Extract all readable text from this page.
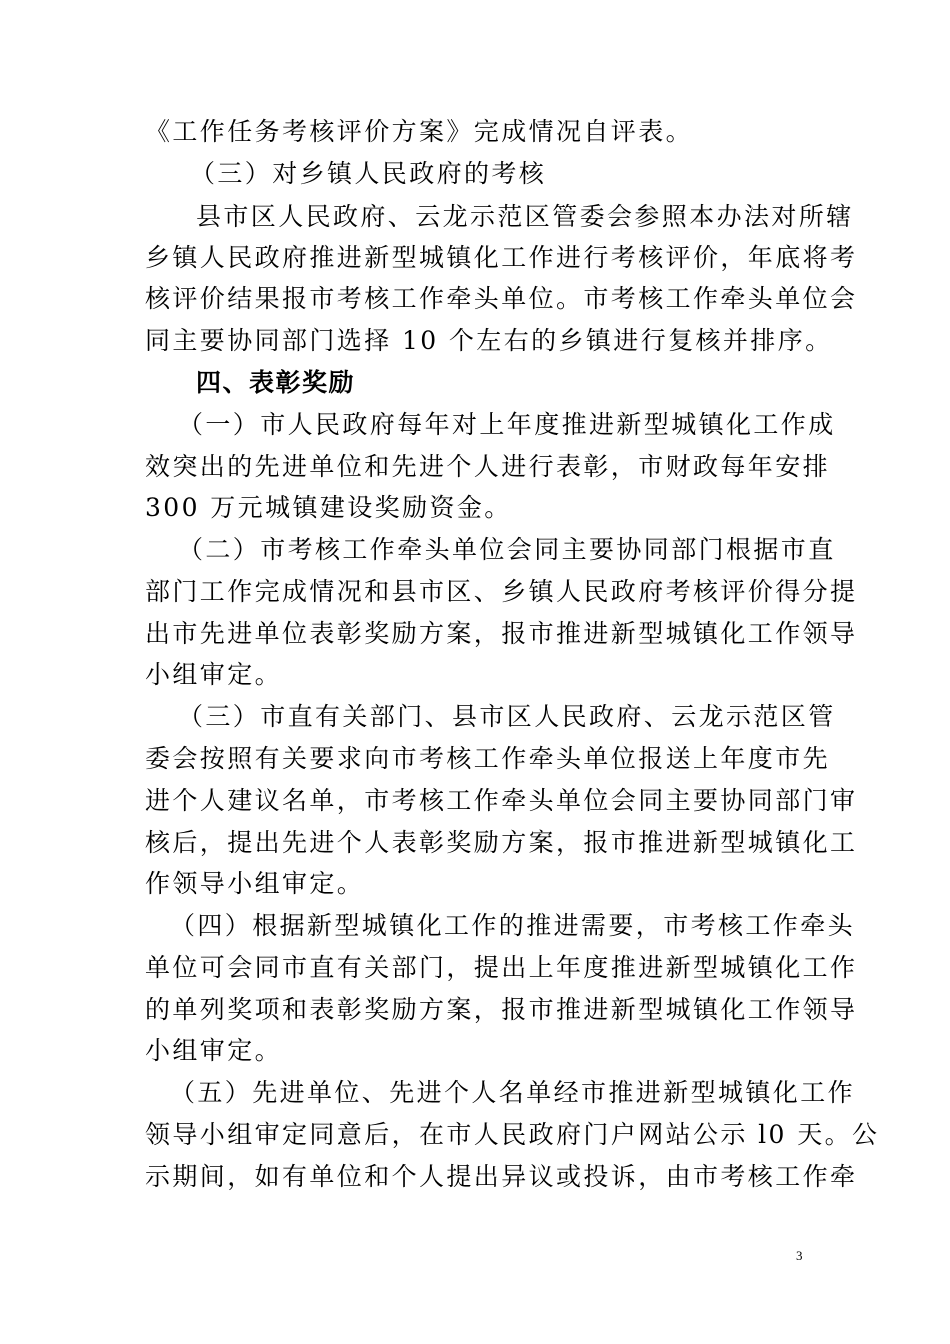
《工作任务考核评价方案》完成情况自评表。
（三）对乡镇人民政府的考核
县市区人民政府、云龙示范区管委会参照本办法对所辖
乡镇人民政府推进新型城镇化工作进行考核评价，年底将考
核评价结果报市考核工作牵头单位。市考核工作牵头单位会
同主要协同部门选择 10 个左右的乡镇进行复核并排序。
四、表彰奖励
（一）市人民政府每年对上年度推进新型城镇化工作成
效突出的先进单位和先进个人进行表彰，市财政每年安排
300 万元城镇建设奖励资金。
（二）市考核工作牵头单位会同主要协同部门根据市直
部门工作完成情况和县市区、乡镇人民政府考核评价得分提
出市先进单位表彰奖励方案，报市推进新型城镇化工作领导
小组审定。
（三）市直有关部门、县市区人民政府、云龙示范区管
委会按照有关要求向市考核工作牵头单位报送上年度市先
进个人建议名单，市考核工作牵头单位会同主要协同部门审
核后，提出先进个人表彰奖励方案，报市推进新型城镇化工
作领导小组审定。
（四）根据新型城镇化工作的推进需要，市考核工作牵头
单位可会同市直有关部门，提出上年度推进新型城镇化工作
的单列奖项和表彰奖励方案，报市推进新型城镇化工作领导
小组审定。
（五）先进单位、先进个人名单经市推进新型城镇化工作
领导小组审定同意后，在市人民政府门户网站公示 l0 天。公
示期间，如有单位和个人提出异议或投诉，由市考核工作牵
3
